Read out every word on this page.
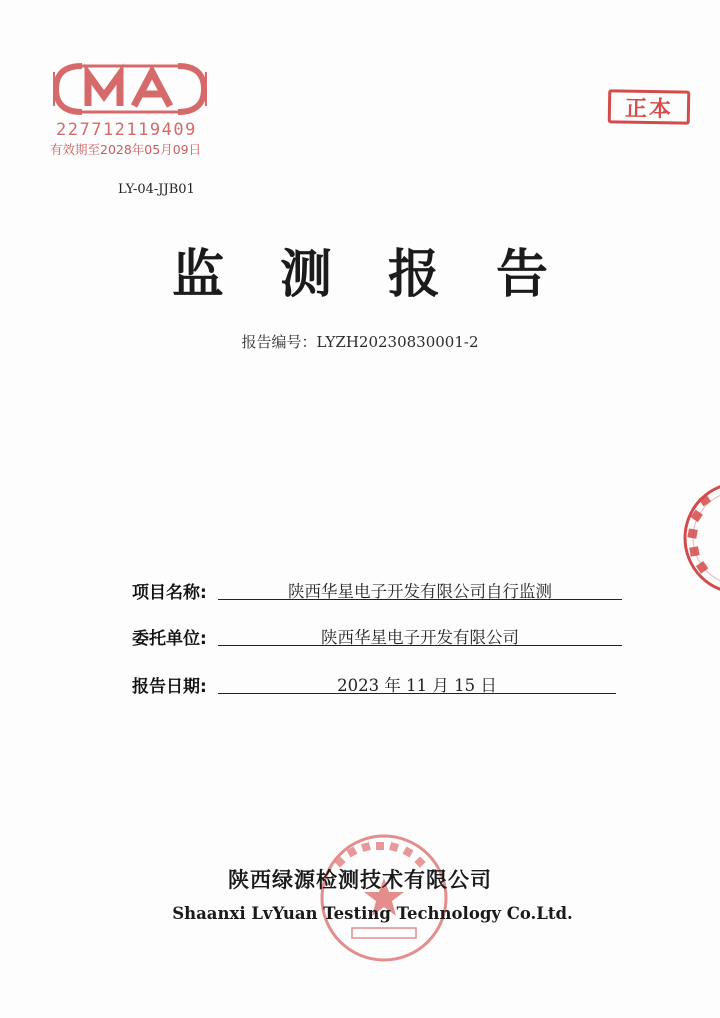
227712119409
有效期至2028年05月09日
正本
LY-04-JJB01
监测报告
报告编号：LYZH20230830001-2
项目名称:	陕西华星电子开发有限公司自行监测
委托单位:	陕西华星电子开发有限公司
报告日期:	2023 年 11 月 15 日
陕西绿源检测技术有限公司
Shaanxi LvYuan Testing Technology Co.Ltd.
